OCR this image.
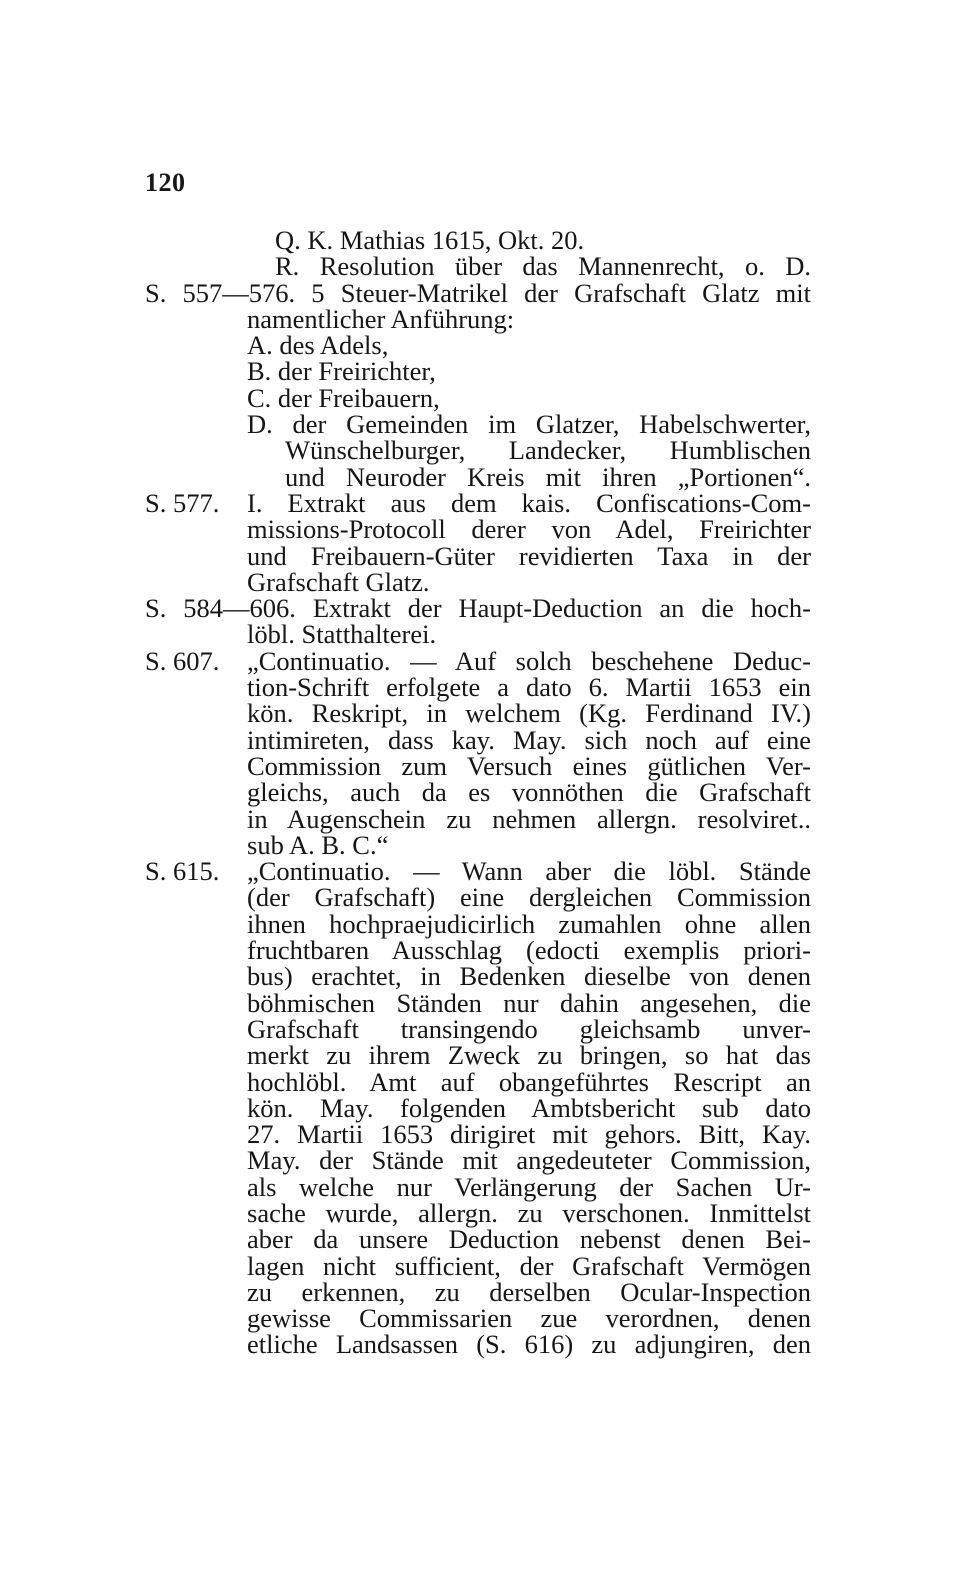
120
Q. K. Mathias 1615, Okt. 20.
R. Resolution über das Mannenrecht, o. D.
S. 557—576. 5 Steuer-Matrikel der Grafschaft Glatz mit
namentlicher Anführung:
A. des Adels,
B. der Freirichter,
C. der Freibauern,
D. der Gemeinden im Glatzer, Habelschwerter,
Wünschelburger, Landecker, Humblischen
und Neuroder Kreis mit ihren „Portionen“.
S. 577. I. Extrakt aus dem kais. Confiscations-Com-
missions-Protocoll derer von Adel, Freirichter
und Freibauern-Güter revidierten Taxa in der
Grafschaft Glatz.
S. 584—606. Extrakt der Haupt-Deduction an die hoch-
löbl. Statthalterei.
S. 607. „Continuatio. — Auf solch beschehene Deduc-
tion-Schrift erfolgete a dato 6. Martii 1653 ein
kön. Reskript, in welchem (Kg. Ferdinand IV.)
intimireten, dass kay. May. sich noch auf eine
Commission zum Versuch eines gütlichen Ver-
gleichs, auch da es vonnöthen die Grafschaft
in Augenschein zu nehmen allergn. resolviret..
sub A. B. C.“
S. 615. „Continuatio. — Wann aber die löbl. Stände
(der Grafschaft) eine dergleichen Commission
ihnen hochpraejudicirlich zumahlen ohne allen
fruchtbaren Ausschlag (edocti exemplis priori-
bus) erachtet, in Bedenken dieselbe von denen
böhmischen Ständen nur dahin angesehen, die
Grafschaft transingendo gleichsamb unver-
merkt zu ihrem Zweck zu bringen, so hat das
hochlöbl. Amt auf obangeführtes Rescript an
kön. May. folgenden Ambtsbericht sub dato
27. Martii 1653 dirigiret mit gehors. Bitt, Kay.
May. der Stände mit angedeuteter Commission,
als welche nur Verlängerung der Sachen Ur-
sache wurde, allergn. zu verschonen. Inmittelst
aber da unsere Deduction nebenst denen Bei-
lagen nicht sufficient, der Grafschaft Vermögen
zu erkennen, zu derselben Ocular-Inspection
gewisse Commissarien zue verordnen, denen
etliche Landsassen (S. 616) zu adjungiren, den
